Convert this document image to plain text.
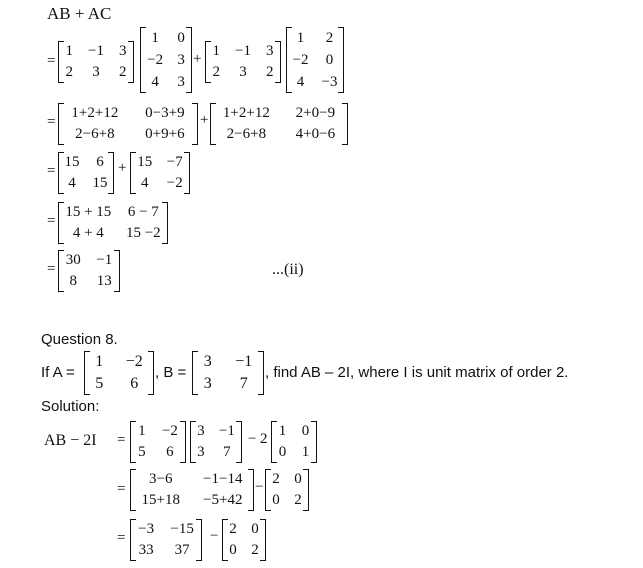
AB + AC
=
1	−1	3
2	3	2
1	0
−2 3
4	3
+ 1	−1	3
2	3	2
1	2
−2	0
4	−3
=
1+2+12	0−3+9
2−6+8	0+9+6
+ 1+2+12	2+0−9
2−6+8	4+0−6
=
15	6
4	15
+ 15 −7
4	−2
=
15 + 15	6 − 7
4 + 4	15 −2
=
30	−1
8	13
...(ii)
Question 8.
If A =
1	−2
5	6
, B =
3	−1
3	7
, find AB – 2I, where I is unit matrix of order 2.
Solution:
AB − 2I =
1	−2
5	6
3 −1
3	7
− 2 1	0
0	1
=
3−6	−1−14
15+18	−5+42
− 2 0
0 2
=
−3	−15
33	37
− 2 0
0 2
